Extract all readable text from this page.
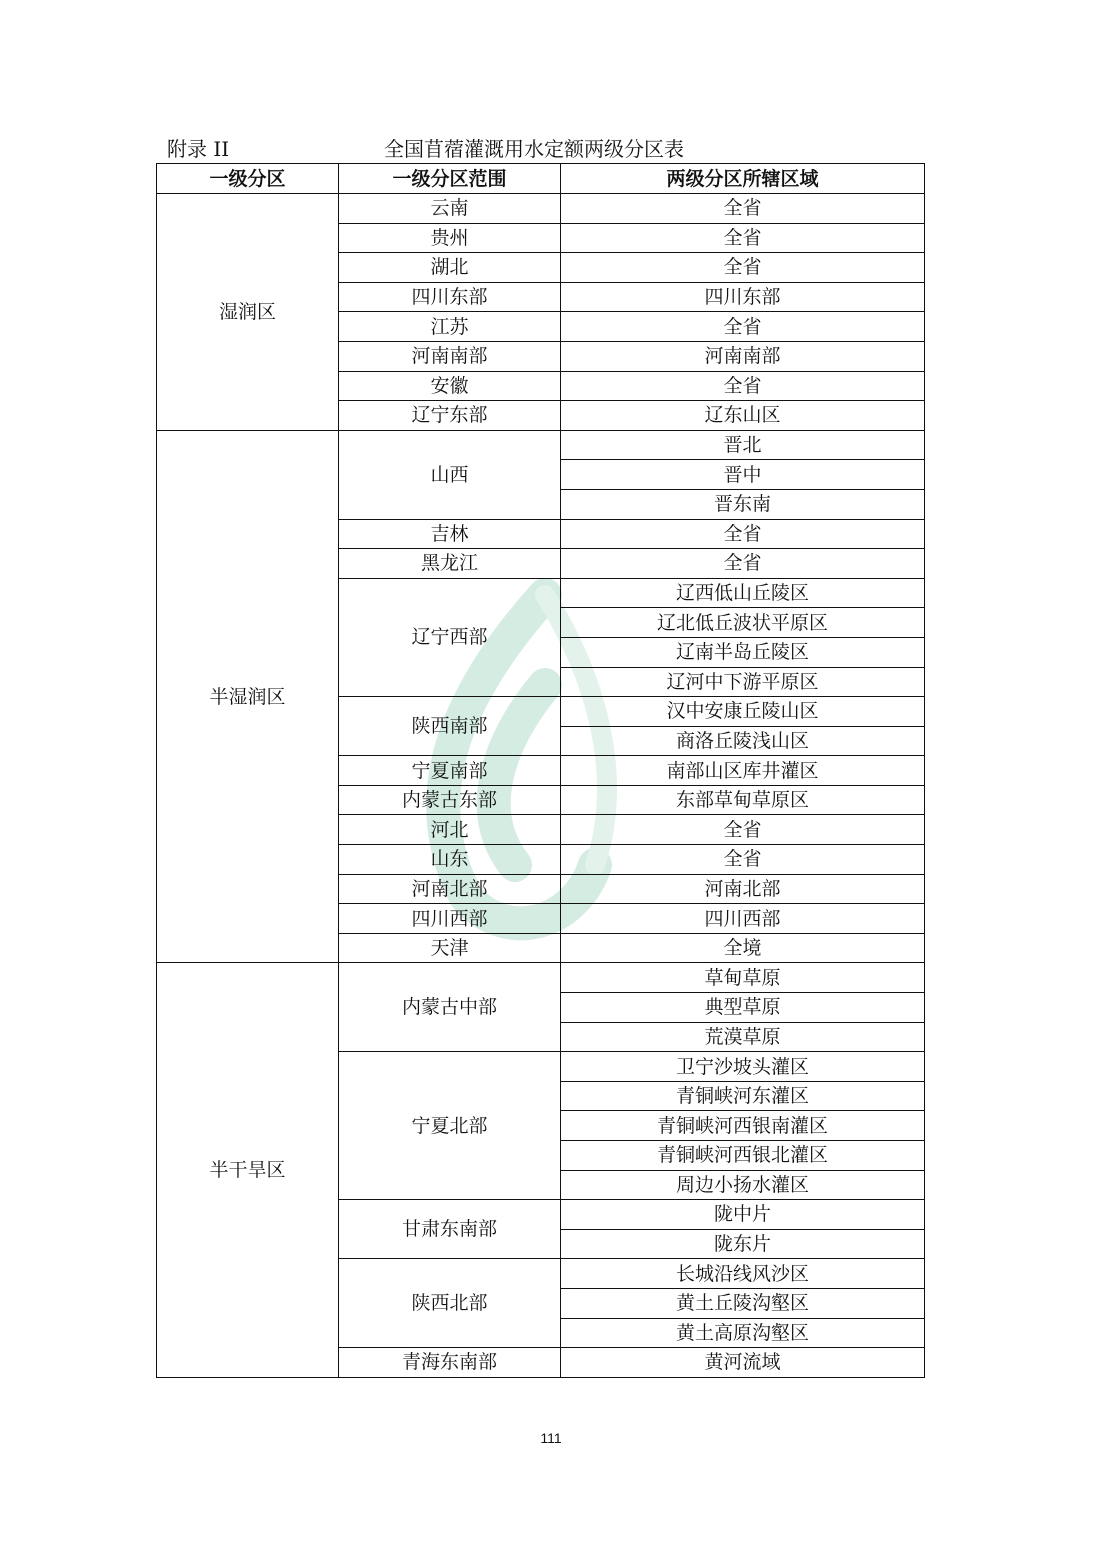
附录 II	全国苜蓿灌溉用水定额两级分区表
一级分区	一级分区范围	两级分区所辖区域
湿润区	云南	全省
	贵州	全省
	湖北	全省
	四川东部	四川东部
	江苏	全省
	河南南部	河南南部
	安徽	全省
	辽宁东部	辽东山区
半湿润区	山西	晋北
		晋中
		晋东南
	吉林	全省
	黑龙江	全省
	辽宁西部	辽西低山丘陵区
		辽北低丘波状平原区
		辽南半岛丘陵区
		辽河中下游平原区
	陕西南部	汉中安康丘陵山区
		商洛丘陵浅山区
	宁夏南部	南部山区库井灌区
	内蒙古东部	东部草甸草原区
	河北	全省
	山东	全省
	河南北部	河南北部
	四川西部	四川西部
	天津	全境
半干旱区	内蒙古中部	草甸草原
		典型草原
		荒漠草原
	宁夏北部	卫宁沙坡头灌区
		青铜峡河东灌区
		青铜峡河西银南灌区
		青铜峡河西银北灌区
		周边小扬水灌区
	甘肃东南部	陇中片
		陇东片
	陕西北部	长城沿线风沙区
		黄土丘陵沟壑区
		黄土高原沟壑区
	青海东南部	黄河流域
111
